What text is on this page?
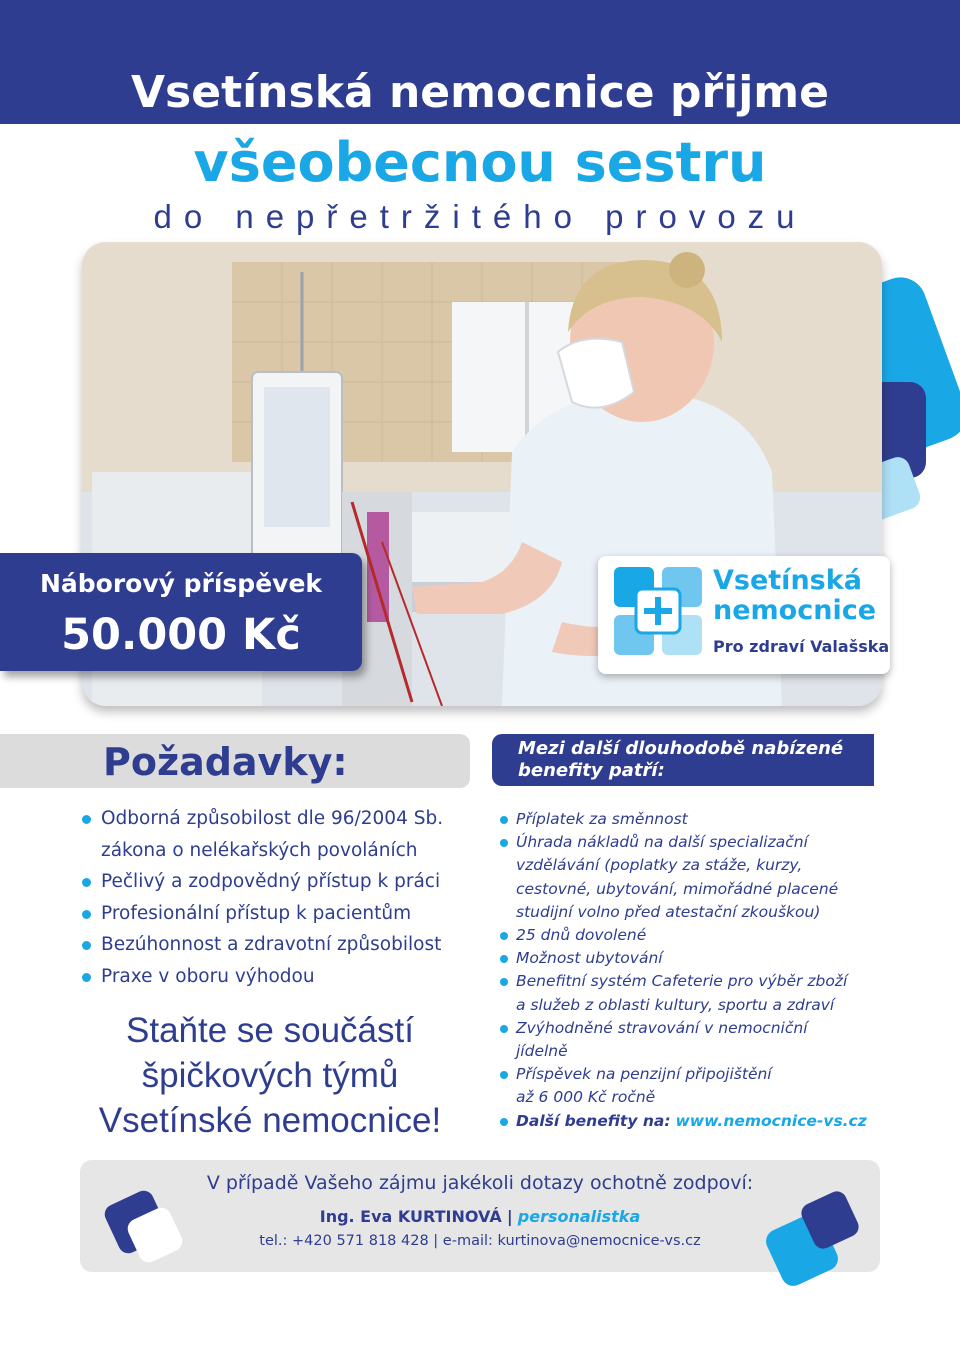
Vsetínská nemocnice přijme
všeobecnou sestru
do nepřetržitého provozu
Náborový příspěvek
50.000 Kč
Vsetínská
nemocnice
Pro zdraví Valašska
Požadavky:
Odborná způsobilost dle 96/2004 Sb.
zákona o nelékařských povoláních
Pečlivý a zodpovědný přístup k práci
Profesionální přístup k pacientům
Bezúhonnost a zdravotní způsobilost
Praxe v oboru výhodou
Mezi další dlouhodobě nabízené
benefity patří:
Příplatek za směnnost
Úhrada nákladů na další specializační
vzdělávání (poplatky za stáže, kurzy,
cestovné, ubytování, mimořádné placené
studijní volno před atestační zkouškou)
25 dnů dovolené
Možnost ubytování
Benefitní systém Cafeterie pro výběr zboží
a služeb z oblasti kultury, sportu a zdraví
Zvýhodněné stravování v nemocniční
jídelně
Příspěvek na penzijní připojištění
až 6 000 Kč ročně
Další benefity na: www.nemocnice-vs.cz
Staňte se součástí
špičkových týmů
Vsetínské nemocnice!
V případě Vašeho zájmu jakékoli dotazy ochotně zodpoví:
Ing. Eva KURTINOVÁ | personalistka
tel.: +420 571 818 428 | e-mail: kurtinova@nemocnice-vs.cz
